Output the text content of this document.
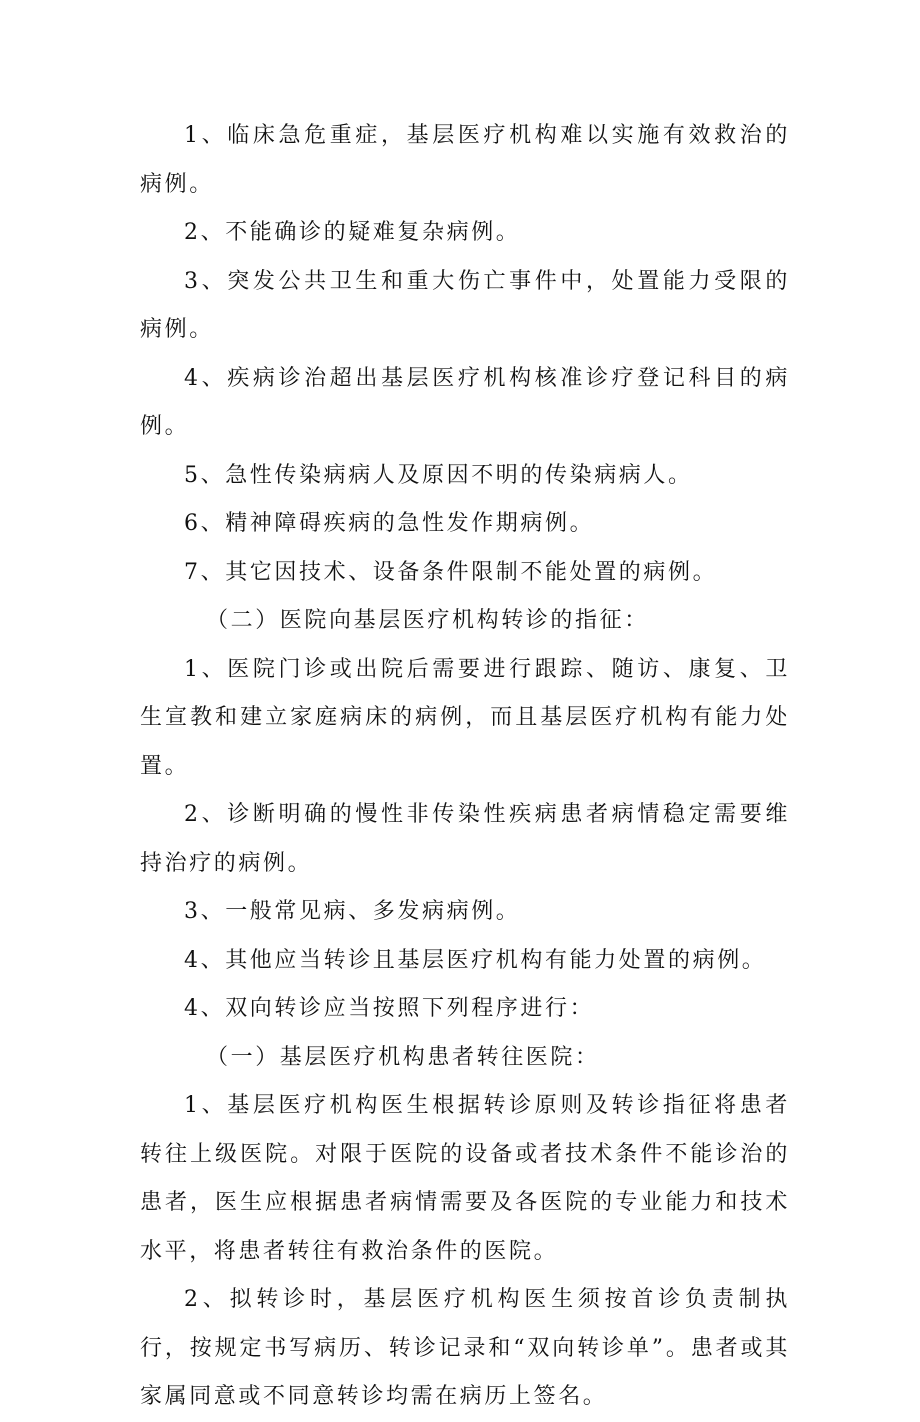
1、临床急危重症，基层医疗机构难以实施有效救治的病例。

2、不能确诊的疑难复杂病例。

3、突发公共卫生和重大伤亡事件中，处置能力受限的病例。

4、疾病诊治超出基层医疗机构核准诊疗登记科目的病例。

5、急性传染病病人及原因不明的传染病病人。

6、精神障碍疾病的急性发作期病例。

7、其它因技术、设备条件限制不能处置的病例。

（二）医院向基层医疗机构转诊的指征：

1、医院门诊或出院后需要进行跟踪、随访、康复、卫生宣教和建立家庭病床的病例，而且基层医疗机构有能力处置。

2、诊断明确的慢性非传染性疾病患者病情稳定需要维持治疗的病例。

3、一般常见病、多发病病例。

4、其他应当转诊且基层医疗机构有能力处置的病例。

4、双向转诊应当按照下列程序进行：

（一）基层医疗机构患者转往医院：

1、基层医疗机构医生根据转诊原则及转诊指征将患者转往上级医院。对限于医院的设备或者技术条件不能诊治的患者，医生应根据患者病情需要及各医院的专业能力和技术水平，将患者转往有救治条件的医院。

2、拟转诊时，基层医疗机构医生须按首诊负责制执行，按规定书写病历、转诊记录和“双向转诊单”。患者或其家属同意或不同意转诊均需在病历上签名。
